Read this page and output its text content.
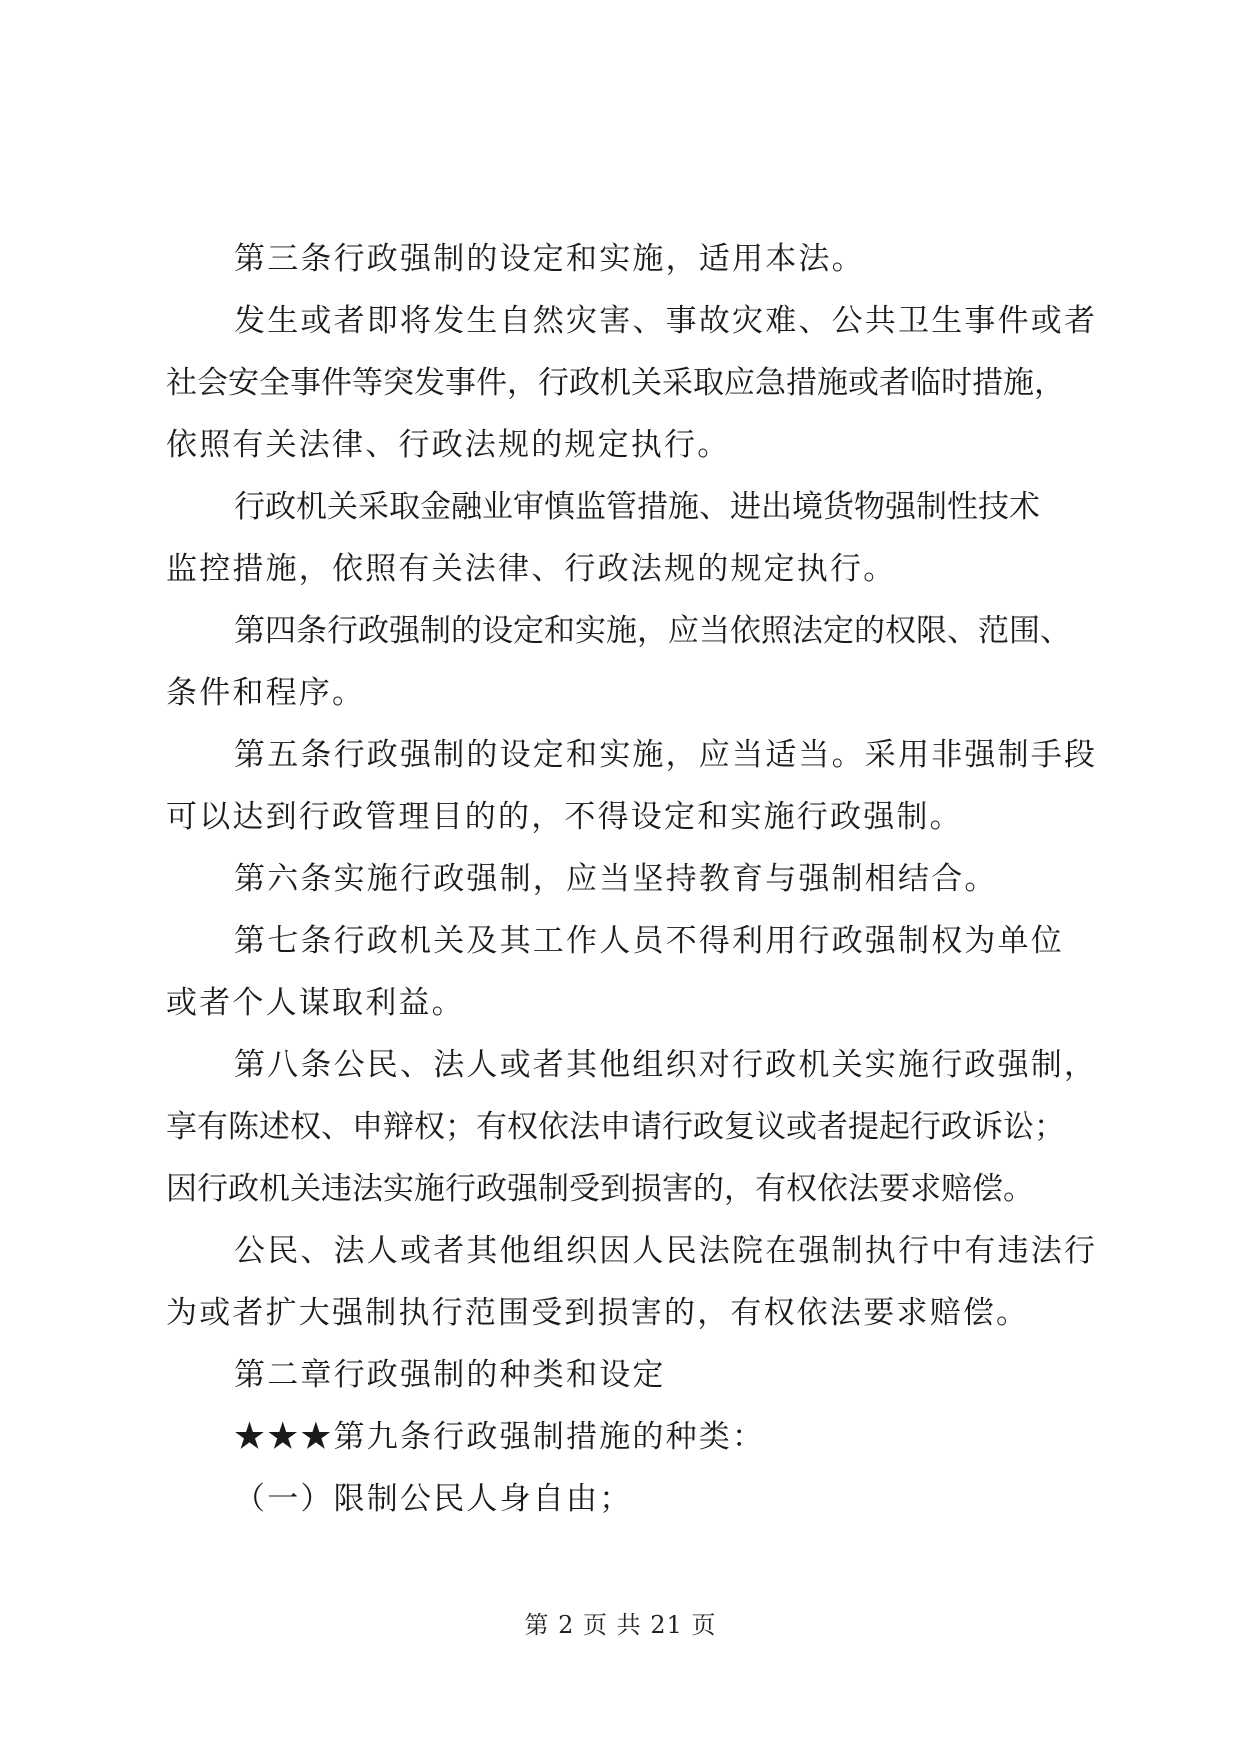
第三条行政强制的设定和实施，适用本法。
发生或者即将发生自然灾害、事故灾难、公共卫生事件或者
社会安全事件等突发事件，行政机关采取应急措施或者临时措施，
依照有关法律、行政法规的规定执行。
行政机关采取金融业审慎监管措施、进出境货物强制性技术
监控措施，依照有关法律、行政法规的规定执行。
第四条行政强制的设定和实施，应当依照法定的权限、范围、
条件和程序。
第五条行政强制的设定和实施，应当适当。采用非强制手段
可以达到行政管理目的的，不得设定和实施行政强制。
第六条实施行政强制，应当坚持教育与强制相结合。
第七条行政机关及其工作人员不得利用行政强制权为单位
或者个人谋取利益。
第八条公民、法人或者其他组织对行政机关实施行政强制，
享有陈述权、申辩权；有权依法申请行政复议或者提起行政诉讼；
因行政机关违法实施行政强制受到损害的，有权依法要求赔偿。
公民、法人或者其他组织因人民法院在强制执行中有违法行
为或者扩大强制执行范围受到损害的，有权依法要求赔偿。
第二章行政强制的种类和设定
★★★第九条行政强制措施的种类：
（一）限制公民人身自由；
第 2 页 共 21 页
